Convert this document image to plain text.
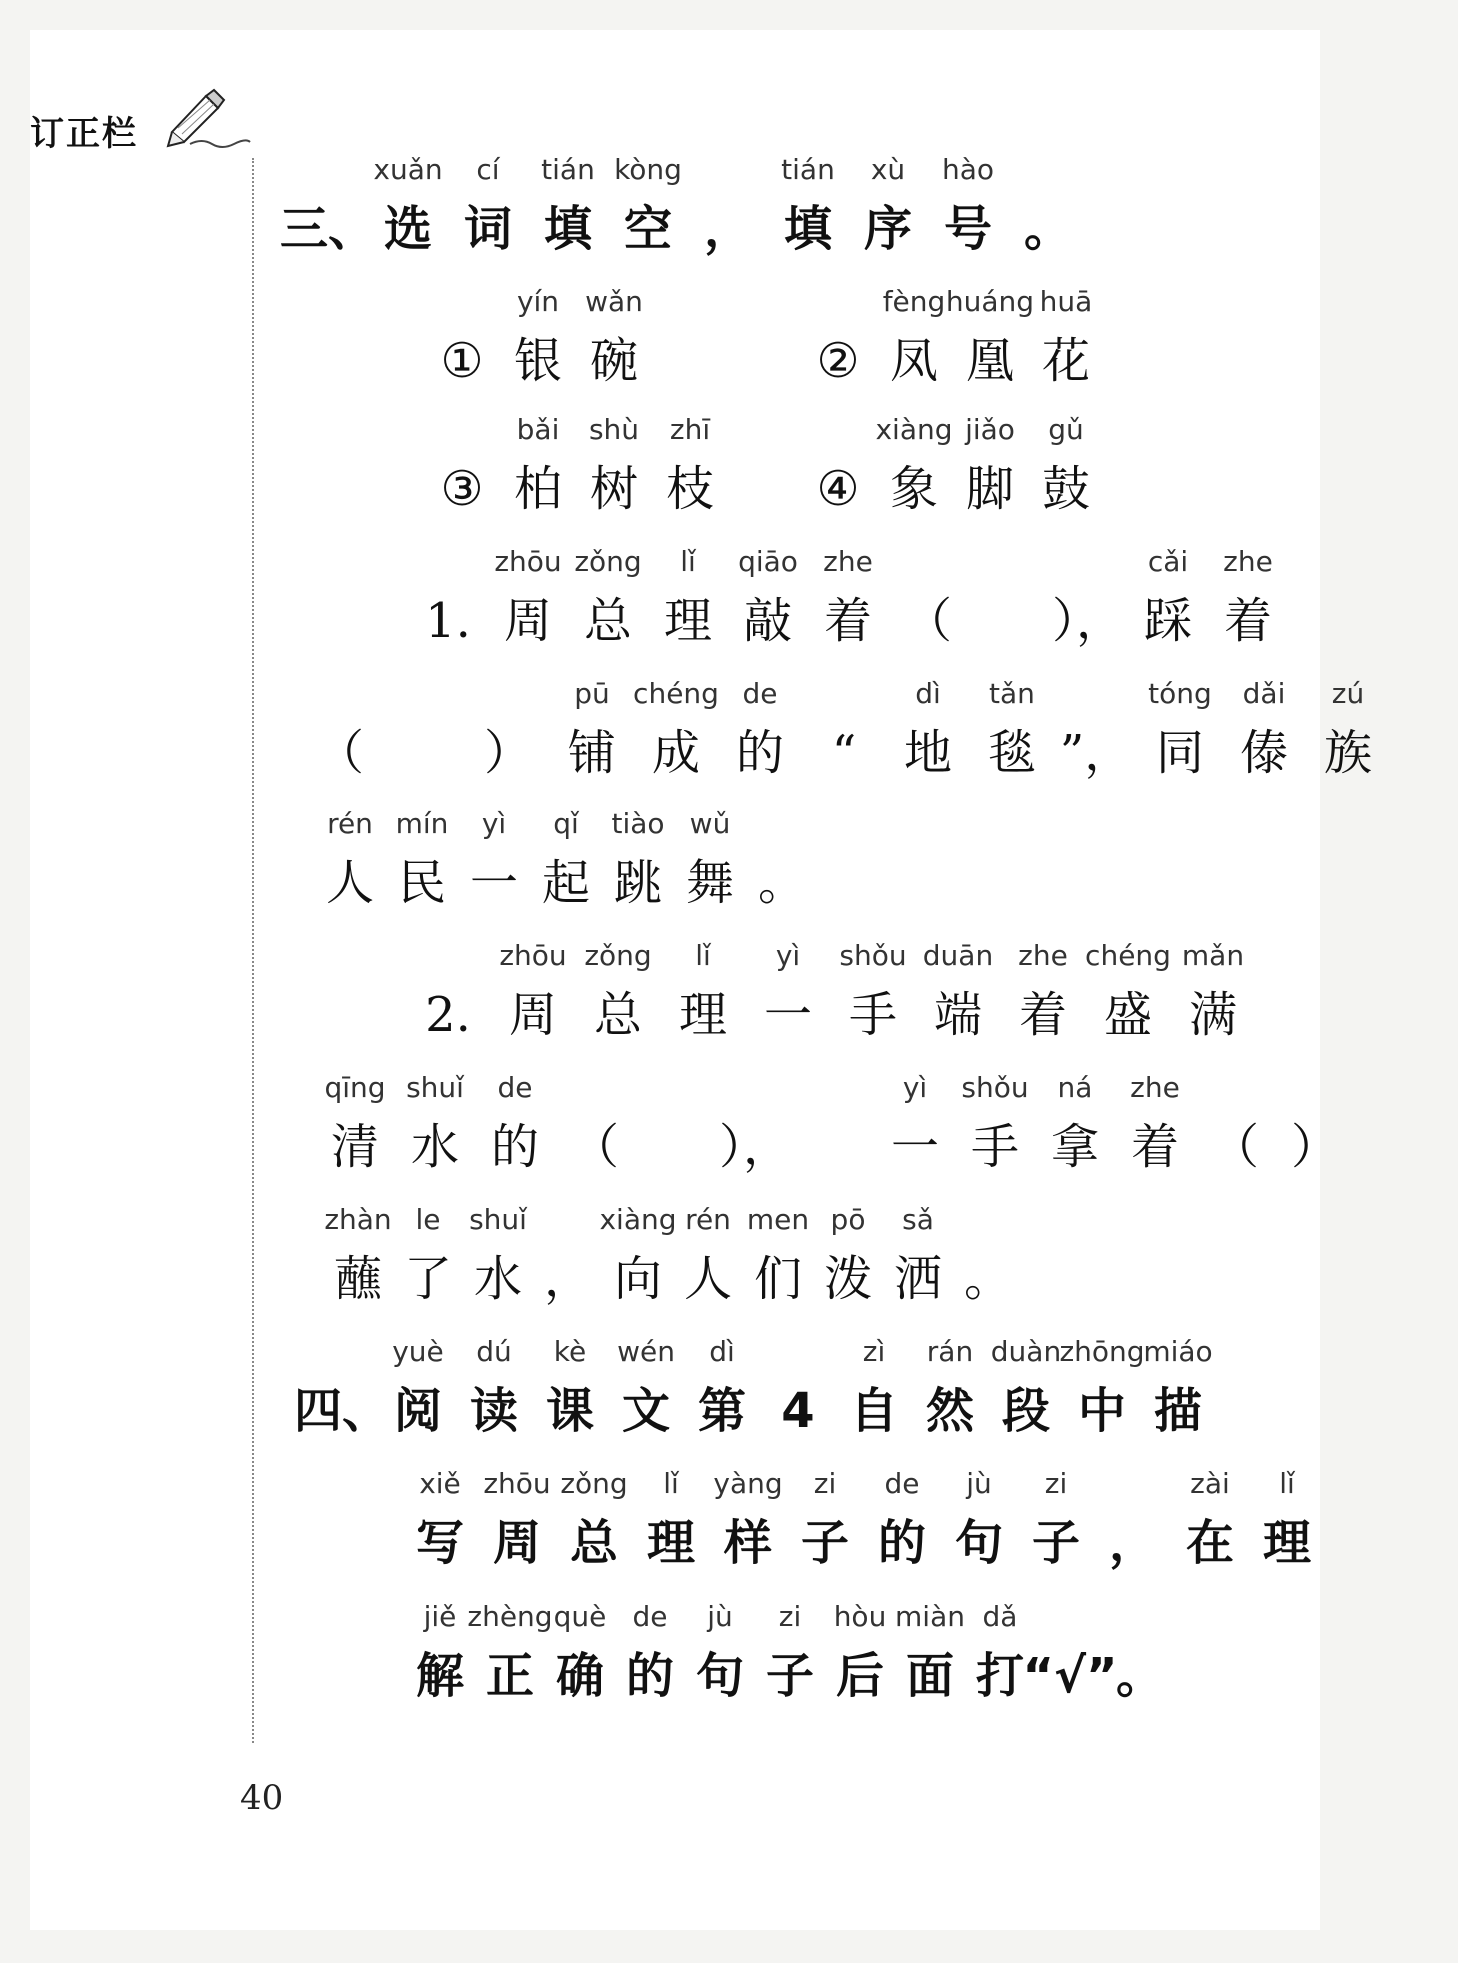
订正栏
三、
xuǎn
选
cí
词
tián
填
kòng
空 ，
tián
填
xù
序
hào
号 。
①
yín
银
wǎn
碗	②
fèng
凤
huáng
凰
huā
花
③
bǎi
柏
shù
树
zhī
枝	④
xiàng
象
jiǎo
脚
gǔ
鼓
1.
zhōu
周
zǒng
总
lǐ
理
qiāo
敲
zhe
着 （	），
cǎi
踩
zhe
着
（	）
pū
铺
chéng
成
de
的 “
dì
地
tǎn
毯 ”，
tóng
同
dǎi
傣
zú
族
rén
人
mín
民
yì
一
qǐ
起
tiào
跳
wǔ
舞 。
2.
zhōu
周
zǒng
总
lǐ
理
yì
一
shǒu
手
duān
端
zhe
着
chéng
盛
mǎn
满
qīng
清
shuǐ
水
de
的 （	），
yì
一
shǒu
手
ná
拿
zhe
着 （ ）
zhàn
蘸
le
了
shuǐ
水 ，
xiàng
向
rén
人
men
们
pō
泼
sǎ
洒 。
四、
yuè
阅
dú
读
kè
课
wén
文
dì
第 4
zì
自
rán
然
duàn
段
zhōng
中
miáo
描
xiě
写
zhōu
周
zǒng
总
lǐ
理
yàng
样
zi
子
de
的
jù
句
zi
子 ，
zài
在
lǐ
理
jiě
解
zhèng
正
què
确
de
的
jù
句
zi
子
hòu
后
miàn
面
dǎ
打
“√”
。
40
